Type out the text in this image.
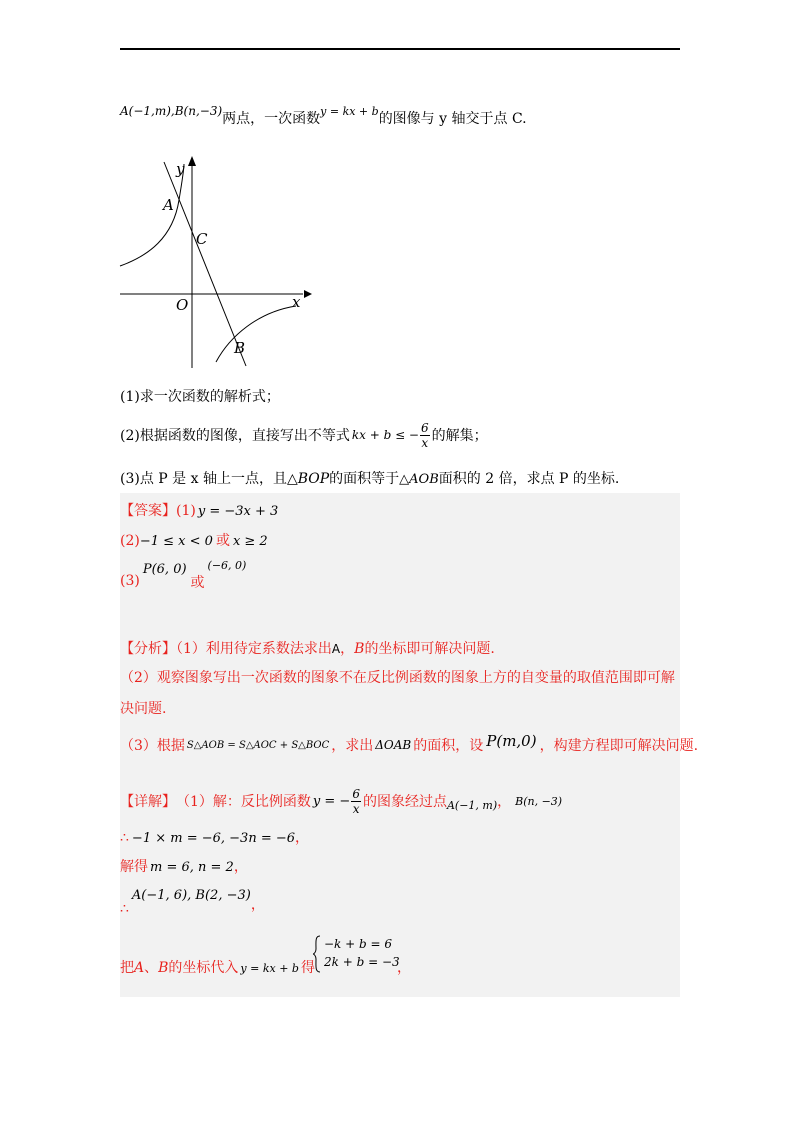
A(−1,m),B(n,−3)两点，一次函数y = kx + b的图像与 y 轴交于点 C.
y
x
O
A
C
B
(1)求一次函数的解析式；
(2)根据函数的图像，直接写出不等式 kx + b ≤ − $\frac{6}{x}$ 的解集；
(3)点 P 是 x 轴上一点，且△BOP的面积等于△AOB面积的 2 倍，求点 P 的坐标.
【答案】(1) y = −3x + 3
(2)−1 ≤ x < 0 或 x ≥ 2
(3)P(6, 0)或(−6, 0)
【分析】（1）利用待定系数法求出A，B的坐标即可解决问题.
（2）观察图象写出一次函数的图象不在反比例函数的图象上方的自变量的取值范围即可解
决问题.
（3）根据 S△AOB = S△AOC + S△BOC ，求出 ΔOAB 的面积，设 P(m,0) ，构建方程即可解决问题.
【详解】 （1）解：反比例函数 y = − $\frac{6}{x}$ 的图象经过点 A(−1, m) ， B(n, −3)
∴ −1 × m = −6, −3n = −6，
解得 m = 6, n = 2，
∴A(−1, 6), B(2, −3)，
把A、B的坐标代入 y = kx + b 得
−k + b = 6
2k + b = −3
，
